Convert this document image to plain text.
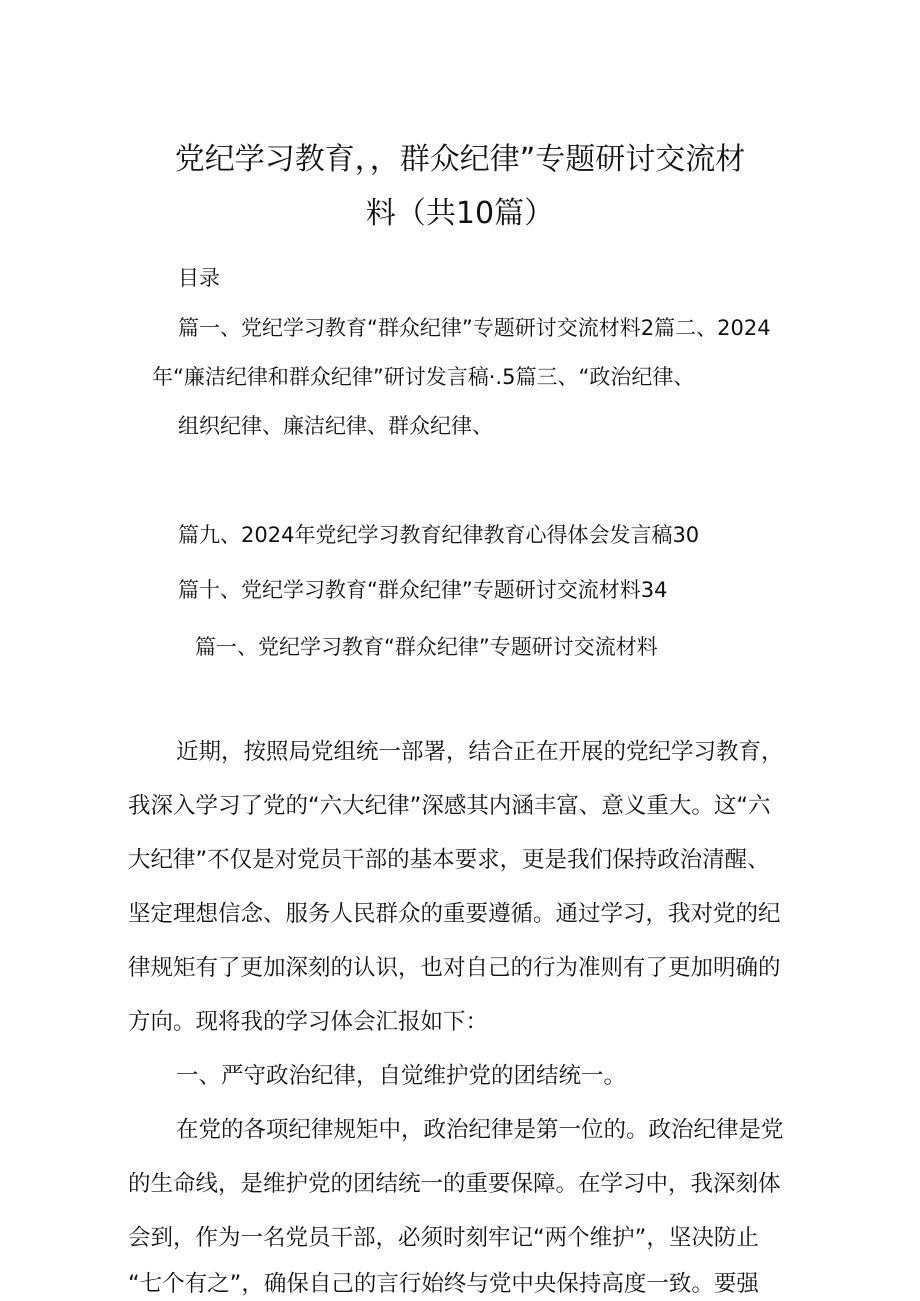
党纪学习教育，，群众纪律”专题研讨交流材
料（共10篇）

目录

篇一、党纪学习教育“群众纪律”专题研讨交流材料2篇二、2024

年“廉洁纪律和群众纪律”研讨发言稿·.5篇三、“政治纪律、

组织纪律、廉洁纪律、群众纪律、

篇九、2024年党纪学习教育纪律教育心得体会发言稿30

篇十、党纪学习教育“群众纪律”专题研讨交流材料34

篇一、党纪学习教育“群众纪律”专题研讨交流材料

近期，按照局党组统一部署，结合正在开展的党纪学习教育，

我深入学习了党的“六大纪律”深感其内涵丰富、意义重大。这“六

大纪律”不仅是对党员干部的基本要求，更是我们保持政治清醒、

坚定理想信念、服务人民群众的重要遵循。通过学习，我对党的纪

律规矩有了更加深刻的认识，也对自己的行为准则有了更加明确的

方向。现将我的学习体会汇报如下：

一、严守政治纪律，自觉维护党的团结统一。

在党的各项纪律规矩中，政治纪律是第一位的。政治纪律是党

的生命线，是维护党的团结统一的重要保障。在学习中，我深刻体

会到，作为一名党员干部，必须时刻牢记“两个维护”，坚决防止

“七个有之”，确保自己的言行始终与党中央保持高度一致。要强
